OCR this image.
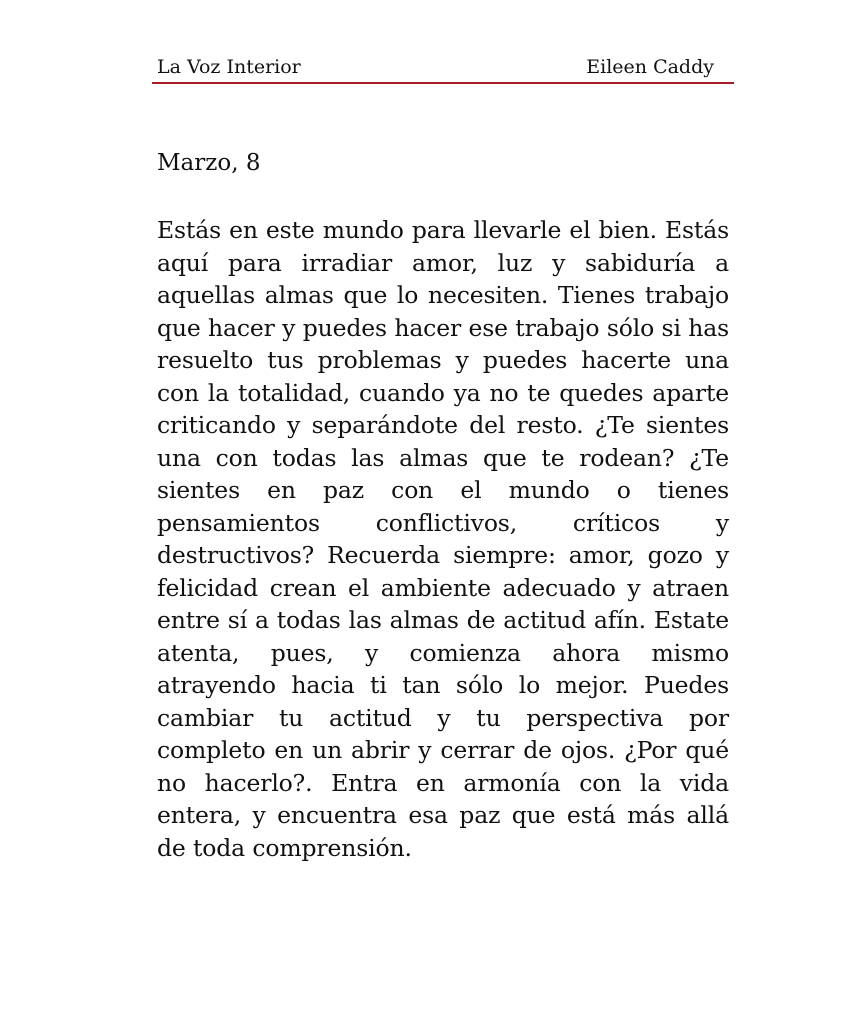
La Voz Interior	Eileen Caddy
Marzo, 8

Estás en este mundo para llevarle el bien. Estás aquí para irradiar amor, luz y sabiduría a aquellas almas que lo necesiten. Tienes trabajo que hacer y puedes hacer ese trabajo sólo si has resuelto tus problemas y puedes hacerte una con la totalidad, cuando ya no te quedes aparte criticando y separándote del resto. ¿Te sientes una con todas las almas que te rodean? ¿Te sientes en paz con el mundo o tienes pensamientos conflictivos, críticos y destructivos? Recuerda siempre: amor, gozo y felicidad crean el ambiente adecuado y atraen entre sí a todas las almas de actitud afín. Estate atenta, pues, y comienza ahora mismo atrayendo hacia ti tan sólo lo mejor. Puedes cambiar tu actitud y tu perspectiva por completo en un abrir y cerrar de ojos. ¿Por qué no hacerlo?. Entra en armonía con la vida entera, y encuentra esa paz que está más allá de toda comprensión.
